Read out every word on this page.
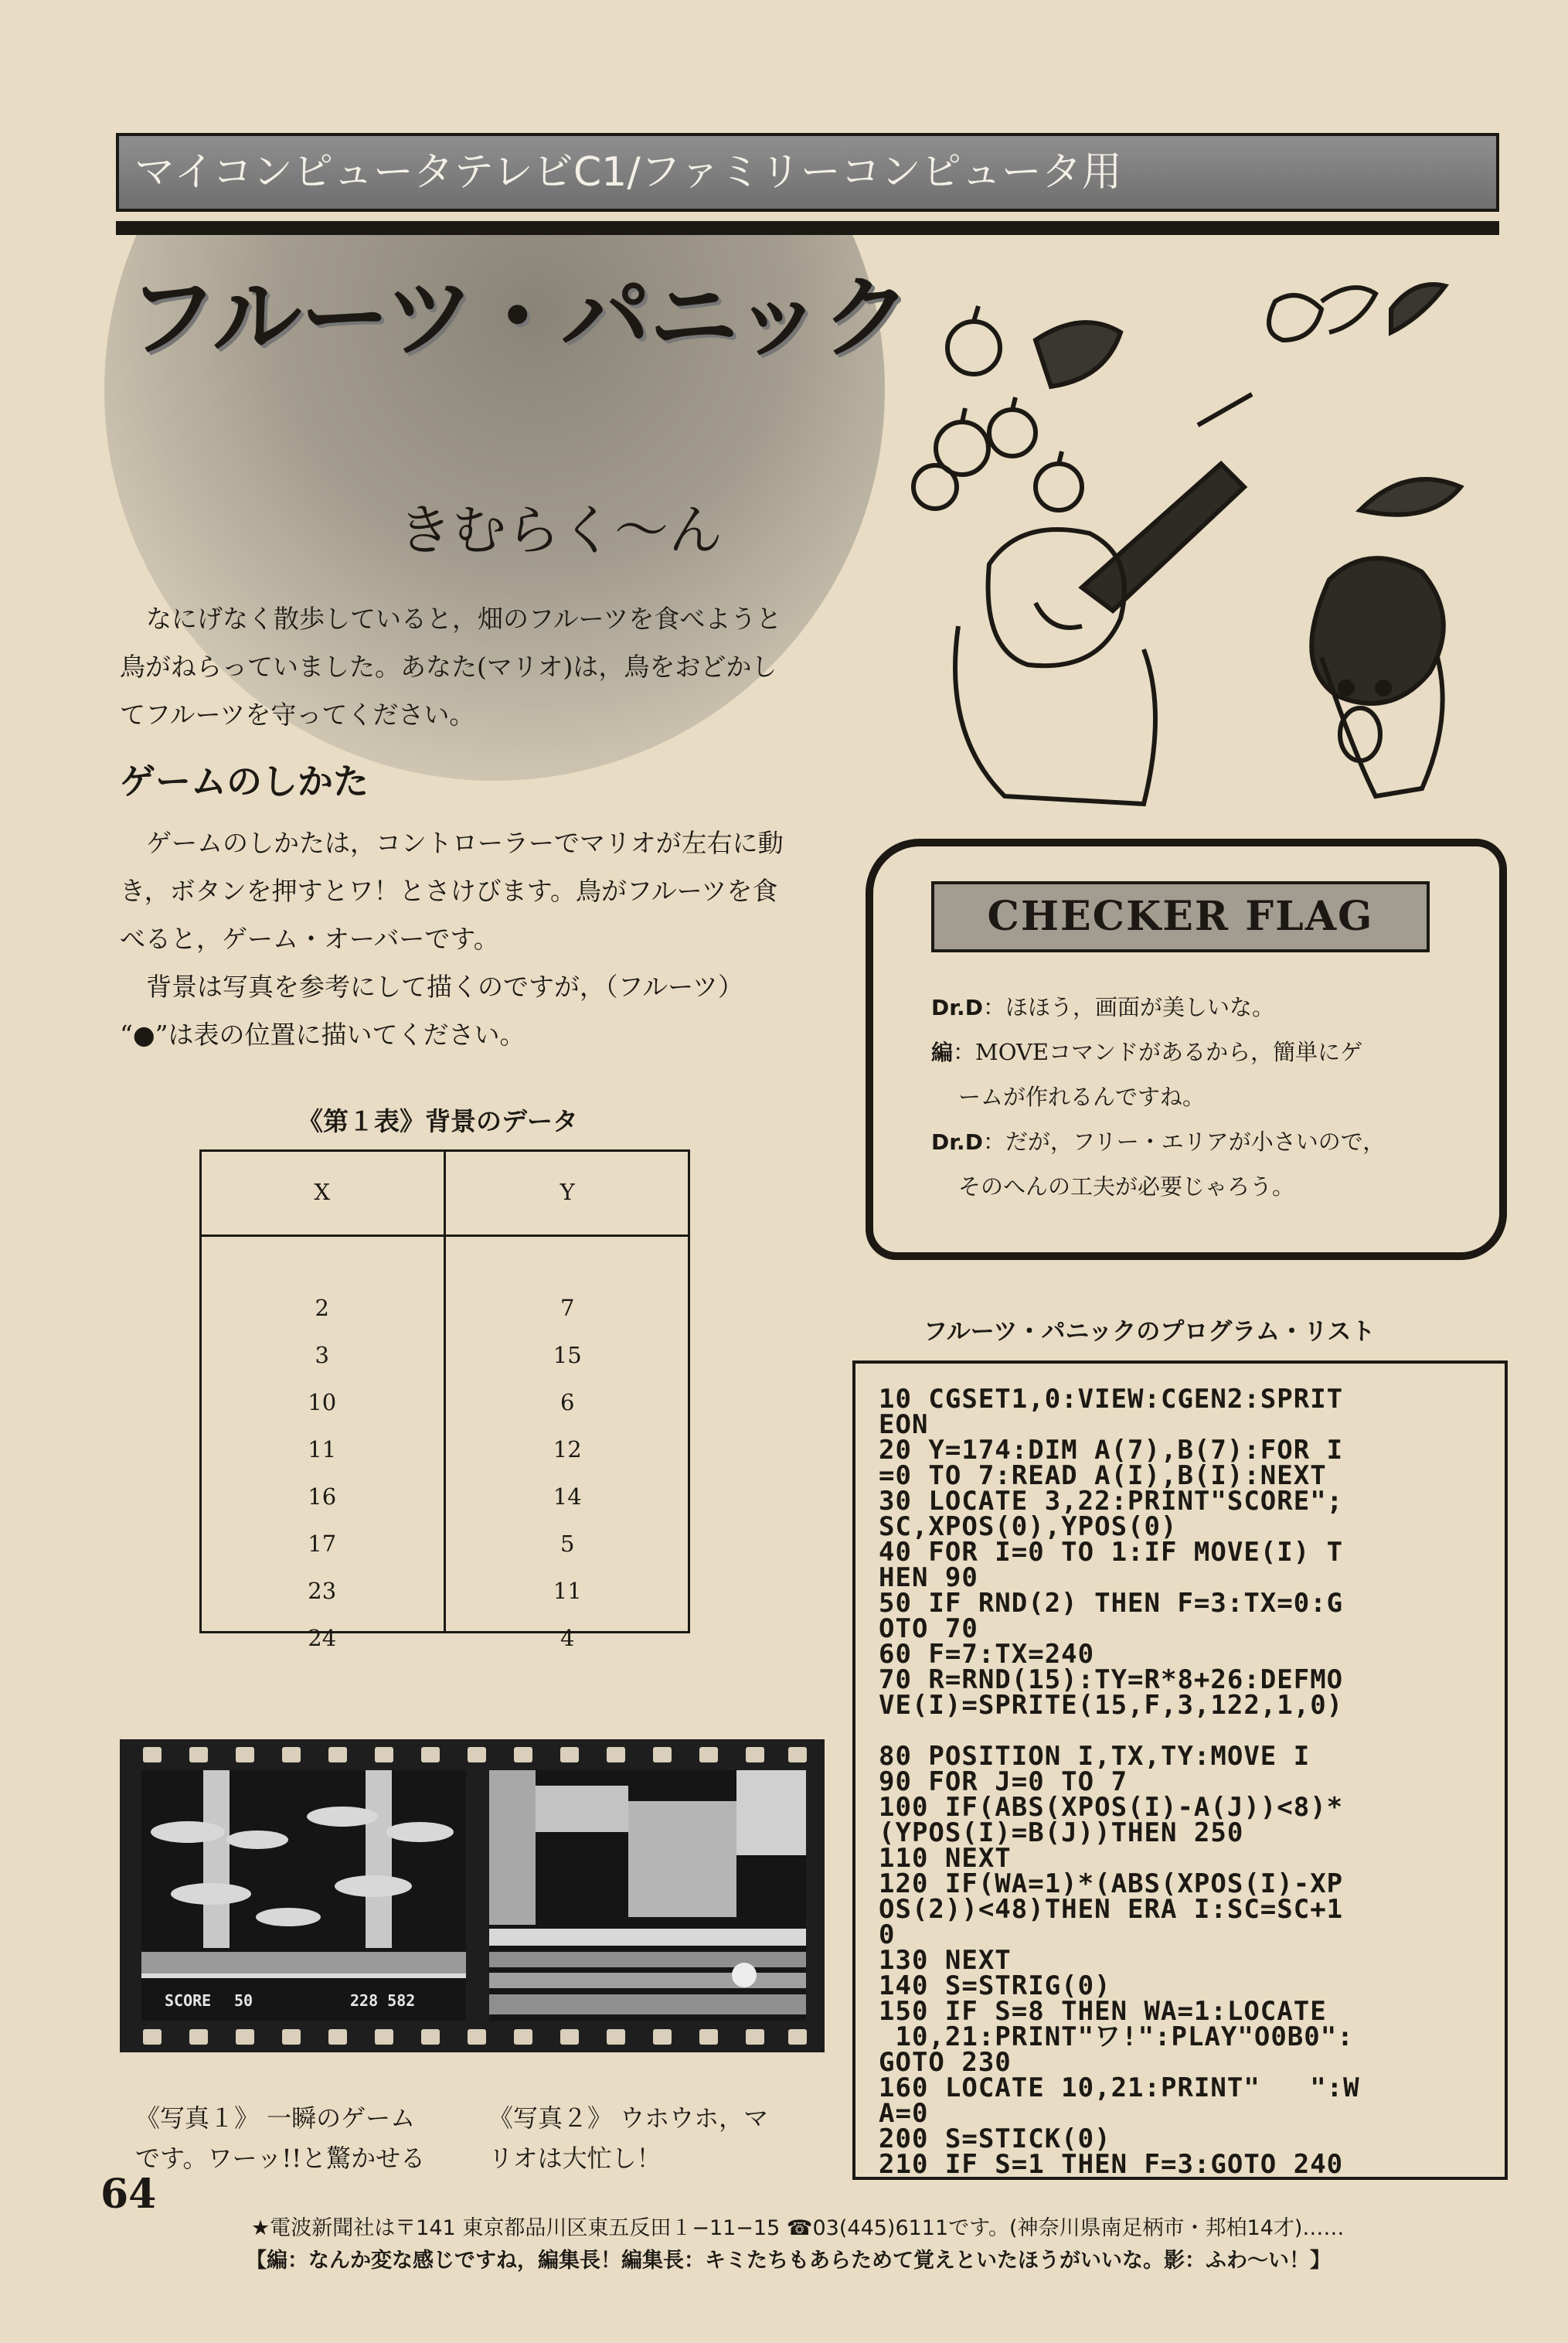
マイコンピュータテレビC1/ファミリーコンピュータ用
フルーツ・パニック
きむらく〜ん
なにげなく散歩していると，畑のフルーツを食べようと鳥がねらっていました。あなた(マリオ)は，鳥をおどかしてフルーツを守ってください。
ゲームのしかた

ゲームのしかたは，コントローラーでマリオが左右に動き，ボタンを押すとワ！とさけびます。鳥がフルーツを食べると，ゲーム・オーバーです。

背景は写真を参考にして描くのですが，（フルーツ）

“●”は表の位置に描いてください。

《第１表》背景のデータ
X	Y

2	7
3	15
10	6
11	12
16	14
17	5
23	11
24	4
SCORE 50	228 582
《写真１》 一瞬のゲーム
です。ワーッ!!と驚かせる
《写真２》 ウホウホ，マ
リオは大忙し！
CHECKER FLAG
Dr.D：ほほう，画面が美しいな。
編：MOVEコマンドがあるから，簡単にゲ
ームが作れるんですね。
Dr.D：だが，フリー・エリアが小さいので，
そのへんの工夫が必要じゃろう。
フルーツ・パニックのプログラム・リスト
10 CGSET1,0:VIEW:CGEN2:SPRIT
EON
20 Y=174:DIM A(7),B(7):FOR I
=0 TO 7:READ A(I),B(I):NEXT
30 LOCATE 3,22:PRINT"SCORE";
SC,XPOS(0),YPOS(0)
40 FOR I=0 TO 1:IF MOVE(I) T
HEN 90
50 IF RND(2) THEN F=3:TX=0:G
OTO 70
60 F=7:TX=240
70 R=RND(15):TY=R*8+26:DEFMO
VE(I)=SPRITE(15,F,3,122,1,0)

80 POSITION I,TX,TY:MOVE I
90 FOR J=0 TO 7
100 IF(ABS(XPOS(I)-A(J))<8)*
(YPOS(I)=B(J))THEN 250
110 NEXT
120 IF(WA=1)*(ABS(XPOS(I)-XP
OS(2))<48)THEN ERA I:SC=SC+1
0
130 NEXT
140 S=STRIG(0)
150 IF S=8 THEN WA=1:LOCATE
10,21:PRINT"ワ!":PLAY"O0B0":
GOTO 230
160 LOCATE 10,21:PRINT"   ":W
A=0
200 S=STICK(0)
210 IF S=1 THEN F=3:GOTO 240

64
★電波新聞社は〒141 東京都品川区東五反田１−11−15 ☎03(445)6111です。(神奈川県南足柄市・邦柏14才)……
【編：なんか変な感じですね，編集長！編集長：キミたちもあらためて覚えといたほうがいいな。影：ふわ〜い！】
